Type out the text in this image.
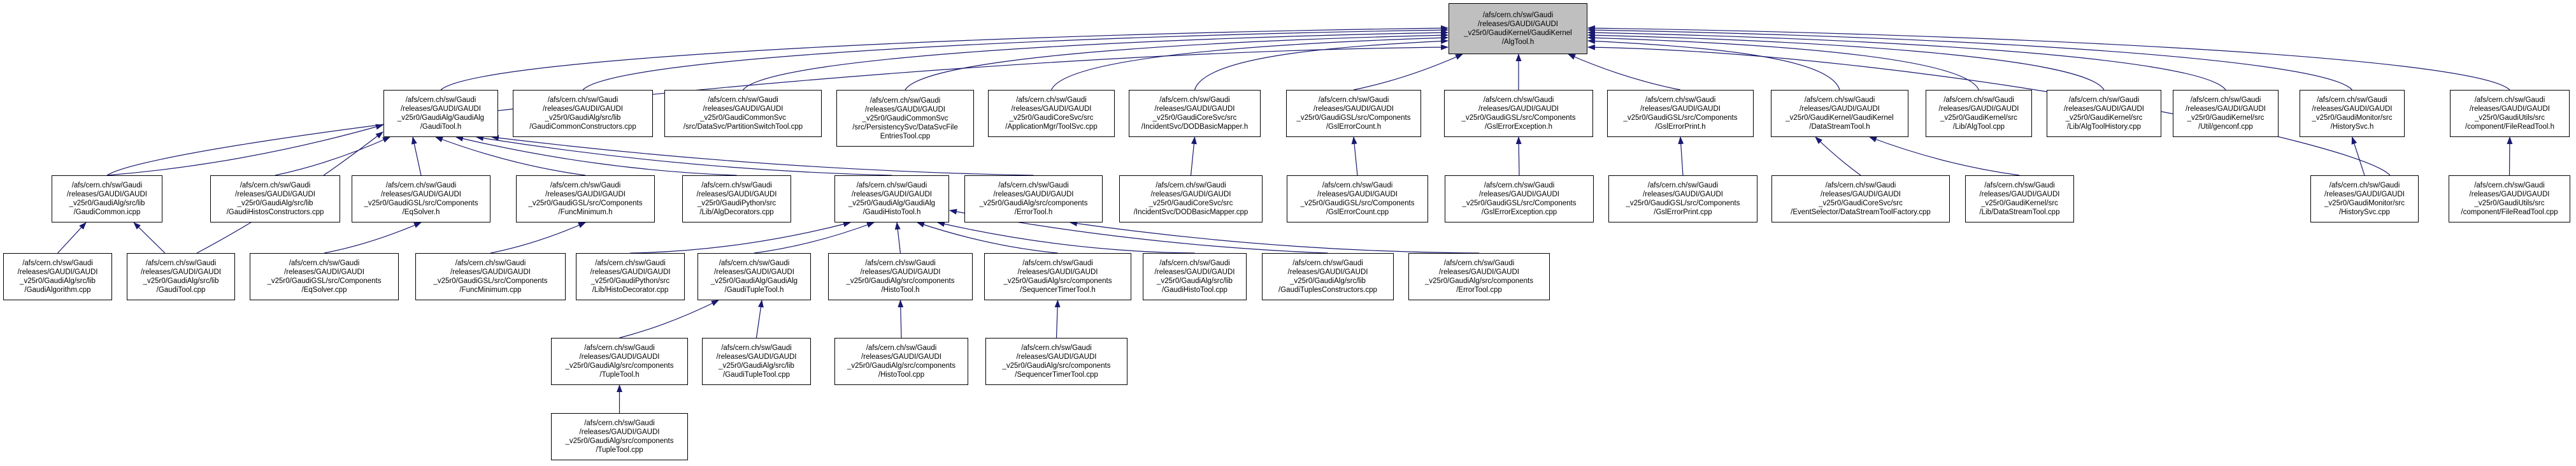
/afs/cern.ch/sw/Gaudi
/releases/GAUDI/GAUDI
_v25r0/GaudiKernel/GaudiKernel
/AlgTool.h
/afs/cern.ch/sw/Gaudi
/releases/GAUDI/GAUDI
_v25r0/GaudiAlg/GaudiAlg
/GaudiTool.h
/afs/cern.ch/sw/Gaudi
/releases/GAUDI/GAUDI
_v25r0/GaudiAlg/src/lib
/GaudiCommonConstructors.cpp
/afs/cern.ch/sw/Gaudi
/releases/GAUDI/GAUDI
_v25r0/GaudiCommonSvc
/src/DataSvc/PartitionSwitchTool.cpp
/afs/cern.ch/sw/Gaudi
/releases/GAUDI/GAUDI
_v25r0/GaudiCommonSvc
/src/PersistencySvc/DataSvcFile
EntriesTool.cpp
/afs/cern.ch/sw/Gaudi
/releases/GAUDI/GAUDI
_v25r0/GaudiCoreSvc/src
/ApplicationMgr/ToolSvc.cpp
/afs/cern.ch/sw/Gaudi
/releases/GAUDI/GAUDI
_v25r0/GaudiCoreSvc/src
/IncidentSvc/DODBasicMapper.h
/afs/cern.ch/sw/Gaudi
/releases/GAUDI/GAUDI
_v25r0/GaudiGSL/src/Components
/GslErrorCount.h
/afs/cern.ch/sw/Gaudi
/releases/GAUDI/GAUDI
_v25r0/GaudiGSL/src/Components
/GslErrorException.h
/afs/cern.ch/sw/Gaudi
/releases/GAUDI/GAUDI
_v25r0/GaudiGSL/src/Components
/GslErrorPrint.h
/afs/cern.ch/sw/Gaudi
/releases/GAUDI/GAUDI
_v25r0/GaudiKernel/GaudiKernel
/DataStreamTool.h
/afs/cern.ch/sw/Gaudi
/releases/GAUDI/GAUDI
_v25r0/GaudiKernel/src
/Lib/AlgTool.cpp
/afs/cern.ch/sw/Gaudi
/releases/GAUDI/GAUDI
_v25r0/GaudiKernel/src
/Lib/AlgToolHistory.cpp
/afs/cern.ch/sw/Gaudi
/releases/GAUDI/GAUDI
_v25r0/GaudiKernel/src
/Util/genconf.cpp
/afs/cern.ch/sw/Gaudi
/releases/GAUDI/GAUDI
_v25r0/GaudiMonitor/src
/HistorySvc.h
/afs/cern.ch/sw/Gaudi
/releases/GAUDI/GAUDI
_v25r0/GaudiUtils/src
/component/FileReadTool.h
/afs/cern.ch/sw/Gaudi
/releases/GAUDI/GAUDI
_v25r0/GaudiAlg/src/lib
/GaudiCommon.icpp
/afs/cern.ch/sw/Gaudi
/releases/GAUDI/GAUDI
_v25r0/GaudiAlg/src/lib
/GaudiHistosConstructors.cpp
/afs/cern.ch/sw/Gaudi
/releases/GAUDI/GAUDI
_v25r0/GaudiGSL/src/Components
/EqSolver.h
/afs/cern.ch/sw/Gaudi
/releases/GAUDI/GAUDI
_v25r0/GaudiGSL/src/Components
/FuncMinimum.h
/afs/cern.ch/sw/Gaudi
/releases/GAUDI/GAUDI
_v25r0/GaudiPython/src
/Lib/AlgDecorators.cpp
/afs/cern.ch/sw/Gaudi
/releases/GAUDI/GAUDI
_v25r0/GaudiAlg/GaudiAlg
/GaudiHistoTool.h
/afs/cern.ch/sw/Gaudi
/releases/GAUDI/GAUDI
_v25r0/GaudiAlg/src/components
/ErrorTool.h
/afs/cern.ch/sw/Gaudi
/releases/GAUDI/GAUDI
_v25r0/GaudiCoreSvc/src
/IncidentSvc/DODBasicMapper.cpp
/afs/cern.ch/sw/Gaudi
/releases/GAUDI/GAUDI
_v25r0/GaudiGSL/src/Components
/GslErrorCount.cpp
/afs/cern.ch/sw/Gaudi
/releases/GAUDI/GAUDI
_v25r0/GaudiGSL/src/Components
/GslErrorException.cpp
/afs/cern.ch/sw/Gaudi
/releases/GAUDI/GAUDI
_v25r0/GaudiGSL/src/Components
/GslErrorPrint.cpp
/afs/cern.ch/sw/Gaudi
/releases/GAUDI/GAUDI
_v25r0/GaudiCoreSvc/src
/EventSelector/DataStreamToolFactory.cpp
/afs/cern.ch/sw/Gaudi
/releases/GAUDI/GAUDI
_v25r0/GaudiKernel/src
/Lib/DataStreamTool.cpp
/afs/cern.ch/sw/Gaudi
/releases/GAUDI/GAUDI
_v25r0/GaudiMonitor/src
/HistorySvc.cpp
/afs/cern.ch/sw/Gaudi
/releases/GAUDI/GAUDI
_v25r0/GaudiUtils/src
/component/FileReadTool.cpp
/afs/cern.ch/sw/Gaudi
/releases/GAUDI/GAUDI
_v25r0/GaudiAlg/src/lib
/GaudiAlgorithm.cpp
/afs/cern.ch/sw/Gaudi
/releases/GAUDI/GAUDI
_v25r0/GaudiAlg/src/lib
/GaudiTool.cpp
/afs/cern.ch/sw/Gaudi
/releases/GAUDI/GAUDI
_v25r0/GaudiGSL/src/Components
/EqSolver.cpp
/afs/cern.ch/sw/Gaudi
/releases/GAUDI/GAUDI
_v25r0/GaudiGSL/src/Components
/FuncMinimum.cpp
/afs/cern.ch/sw/Gaudi
/releases/GAUDI/GAUDI
_v25r0/GaudiPython/src
/Lib/HistoDecorator.cpp
/afs/cern.ch/sw/Gaudi
/releases/GAUDI/GAUDI
_v25r0/GaudiAlg/GaudiAlg
/GaudiTupleTool.h
/afs/cern.ch/sw/Gaudi
/releases/GAUDI/GAUDI
_v25r0/GaudiAlg/src/components
/HistoTool.h
/afs/cern.ch/sw/Gaudi
/releases/GAUDI/GAUDI
_v25r0/GaudiAlg/src/components
/SequencerTimerTool.h
/afs/cern.ch/sw/Gaudi
/releases/GAUDI/GAUDI
_v25r0/GaudiAlg/src/lib
/GaudiHistoTool.cpp
/afs/cern.ch/sw/Gaudi
/releases/GAUDI/GAUDI
_v25r0/GaudiAlg/src/lib
/GaudiTuplesConstructors.cpp
/afs/cern.ch/sw/Gaudi
/releases/GAUDI/GAUDI
_v25r0/GaudiAlg/src/components
/ErrorTool.cpp
/afs/cern.ch/sw/Gaudi
/releases/GAUDI/GAUDI
_v25r0/GaudiAlg/src/components
/TupleTool.h
/afs/cern.ch/sw/Gaudi
/releases/GAUDI/GAUDI
_v25r0/GaudiAlg/src/lib
/GaudiTupleTool.cpp
/afs/cern.ch/sw/Gaudi
/releases/GAUDI/GAUDI
_v25r0/GaudiAlg/src/components
/HistoTool.cpp
/afs/cern.ch/sw/Gaudi
/releases/GAUDI/GAUDI
_v25r0/GaudiAlg/src/components
/SequencerTimerTool.cpp
/afs/cern.ch/sw/Gaudi
/releases/GAUDI/GAUDI
_v25r0/GaudiAlg/src/components
/TupleTool.cpp
